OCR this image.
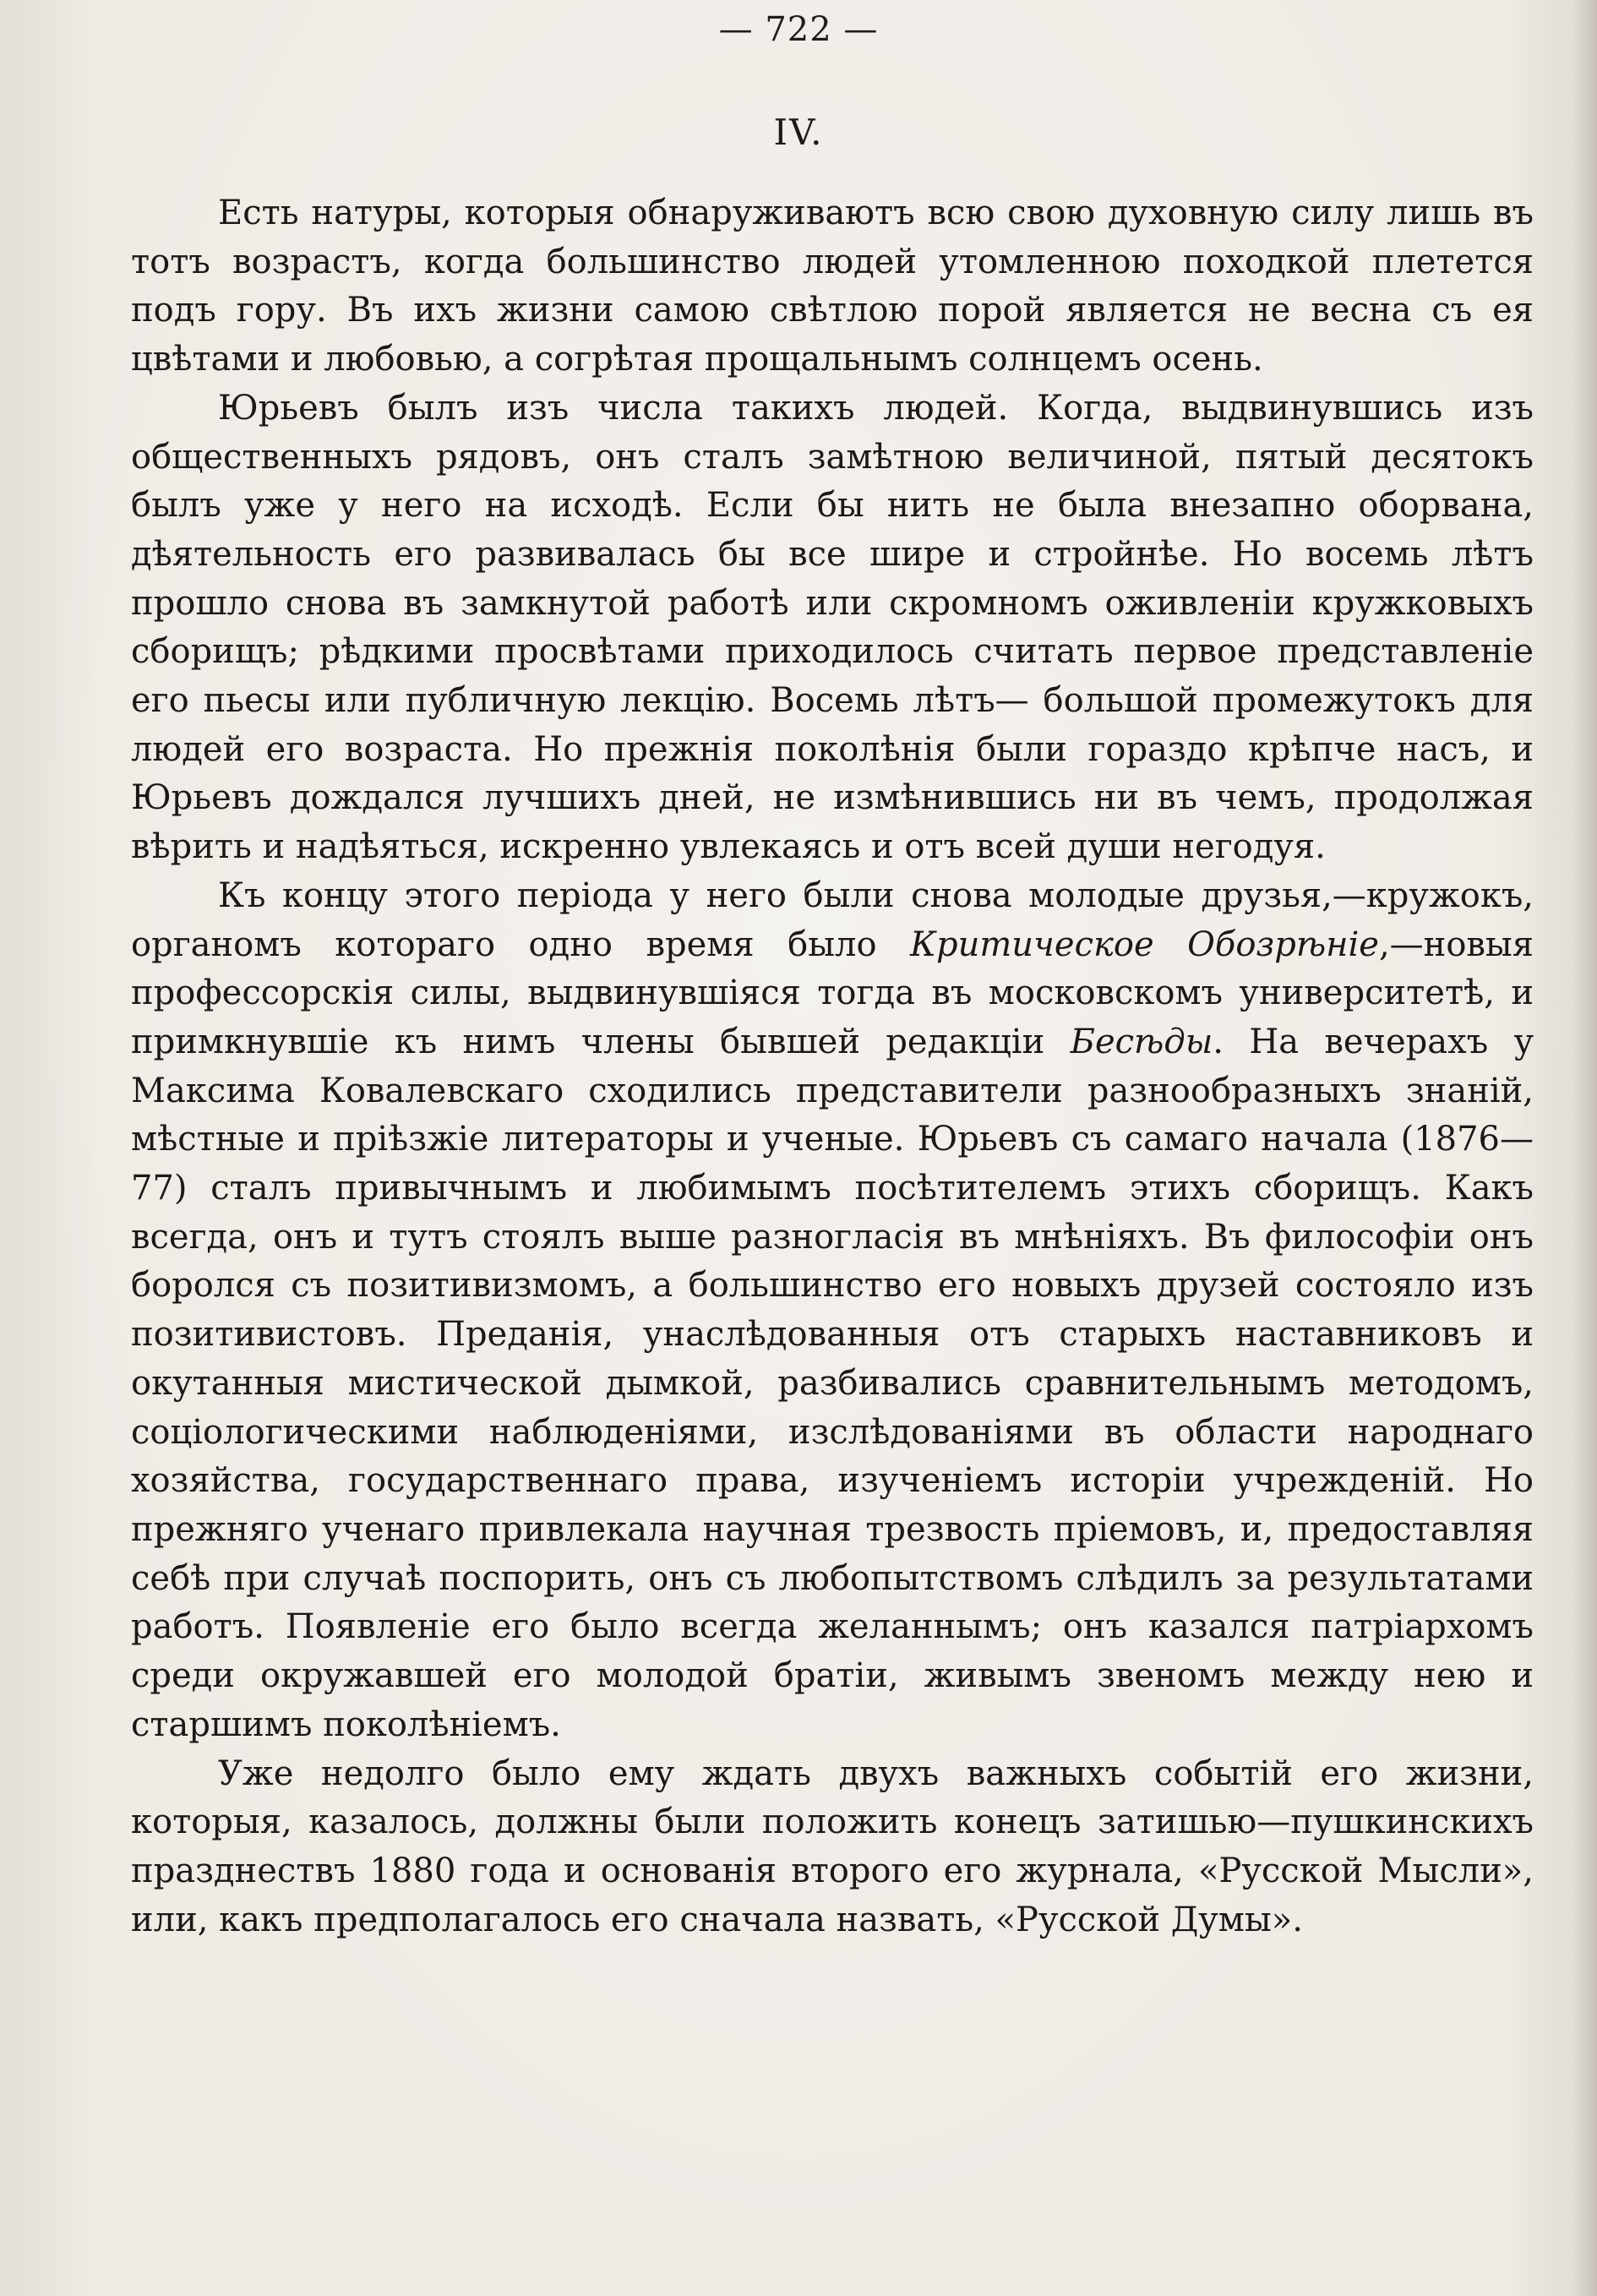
— 722 —
IV.

Есть натуры, которыя обнаруживаютъ всю свою духовную силу лишь въ тотъ возрастъ, когда большинство людей утомленною походкой плетется подъ гору. Въ ихъ жизни самою свѣтлою порой является не весна съ ея цвѣтами и любовью, а согрѣтая прощальнымъ солнцемъ осень.

Юрьевъ былъ изъ числа такихъ людей. Когда, выдвинувшись изъ общественныхъ рядовъ, онъ сталъ замѣтною величиной, пятый десятокъ былъ уже у него на исходѣ. Если бы нить не была внезапно оборвана, дѣятельность его развивалась бы все шире и стройнѣе. Но восемь лѣтъ прошло снова въ замкнутой работѣ или скромномъ оживленіи кружковыхъ сборищъ; рѣдкими просвѣтами приходилось считать первое представленіе его пьесы или публичную лекцію. Восемь лѣтъ— большой промежутокъ для людей его возраста. Но прежнія поколѣнія были гораздо крѣпче насъ, и Юрьевъ дождался лучшихъ дней, не измѣнившись ни въ чемъ, продолжая вѣрить и надѣяться, искренно увлекаясь и отъ всей души негодуя.

Къ концу этого періода у него были снова молодые друзья,—кружокъ, органомъ котораго одно время было Критическое Обозрѣніе,—новыя профессорскія силы, выдвинувшіяся тогда въ московскомъ университетѣ, и примкнувшіе къ нимъ члены бывшей редакціи Бесѣды. На вечерахъ у Максима Ковалевскаго сходились представители разнообразныхъ знаній, мѣстные и пріѣзжіе литераторы и ученые. Юрьевъ съ самаго начала (1876—77) сталъ привычнымъ и любимымъ посѣтителемъ этихъ сборищъ. Какъ всегда, онъ и тутъ стоялъ выше разногласія въ мнѣніяхъ. Въ философіи онъ боролся съ позитивизмомъ, а большинство его новыхъ друзей состояло изъ позитивистовъ. Преданія, унаслѣдованныя отъ старыхъ наставниковъ и окутанныя мистической дымкой, разбивались сравнительнымъ методомъ, соціологическими наблюденіями, изслѣдованіями въ области народнаго хозяйства, государственнаго права, изученіемъ исторіи учрежденій. Но прежняго ученаго привлекала научная трезвость пріемовъ, и, предоставляя себѣ при случаѣ поспорить, онъ съ любопытствомъ слѣдилъ за результатами работъ. Появленіе его было всегда желаннымъ; онъ казался патріархомъ среди окружавшей его молодой братіи, живымъ звеномъ между нею и старшимъ поколѣніемъ.

Уже недолго было ему ждать двухъ важныхъ событій его жизни, которыя, казалось, должны были положить конецъ затишью—пушкинскихъ празднествъ 1880 года и основанія второго его журнала, «Русской Мысли», или, какъ предполагалось его сначала назвать, «Русской Думы».
